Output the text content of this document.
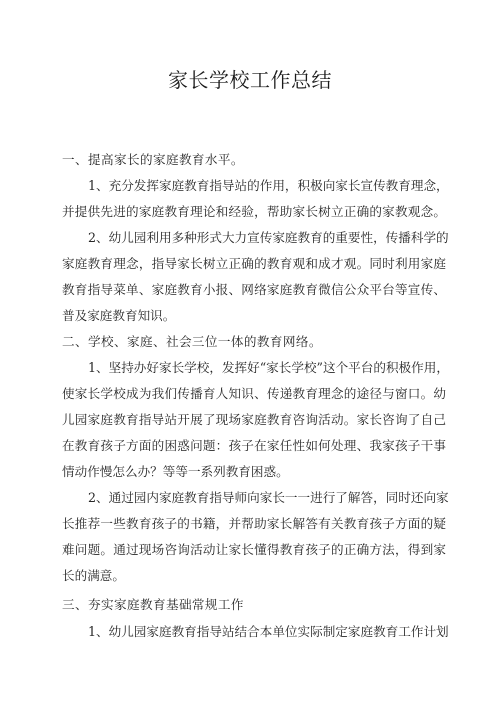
家长学校工作总结
一、提高家长的家庭教育水平。
1、充分发挥家庭教育指导站的作用，积极向家长宣传教育理念，
并提供先进的家庭教育理论和经验，帮助家长树立正确的家教观念。
2、幼儿园利用多种形式大力宣传家庭教育的重要性，传播科学的
家庭教育理念，指导家长树立正确的教育观和成才观。同时利用家庭
教育指导菜单、家庭教育小报、网络家庭教育微信公众平台等宣传、
普及家庭教育知识。
二、学校、家庭、社会三位一体的教育网络。
1、坚持办好家长学校，发挥好“家长学校”这个平台的积极作用，
使家长学校成为我们传播育人知识、传递教育理念的途径与窗口。幼
儿园家庭教育指导站开展了现场家庭教育咨询活动。家长咨询了自己
在教育孩子方面的困惑问题：孩子在家任性如何处理、我家孩子干事
情动作慢怎么办？等等一系列教育困惑。
2、通过园内家庭教育指导师向家长一一进行了解答，同时还向家
长推荐一些教育孩子的书籍，并帮助家长解答有关教育孩子方面的疑
难问题。通过现场咨询活动让家长懂得教育孩子的正确方法，得到家
长的满意。
三、夯实家庭教育基础常规工作
1、幼儿园家庭教育指导站结合本单位实际制定家庭教育工作计划
